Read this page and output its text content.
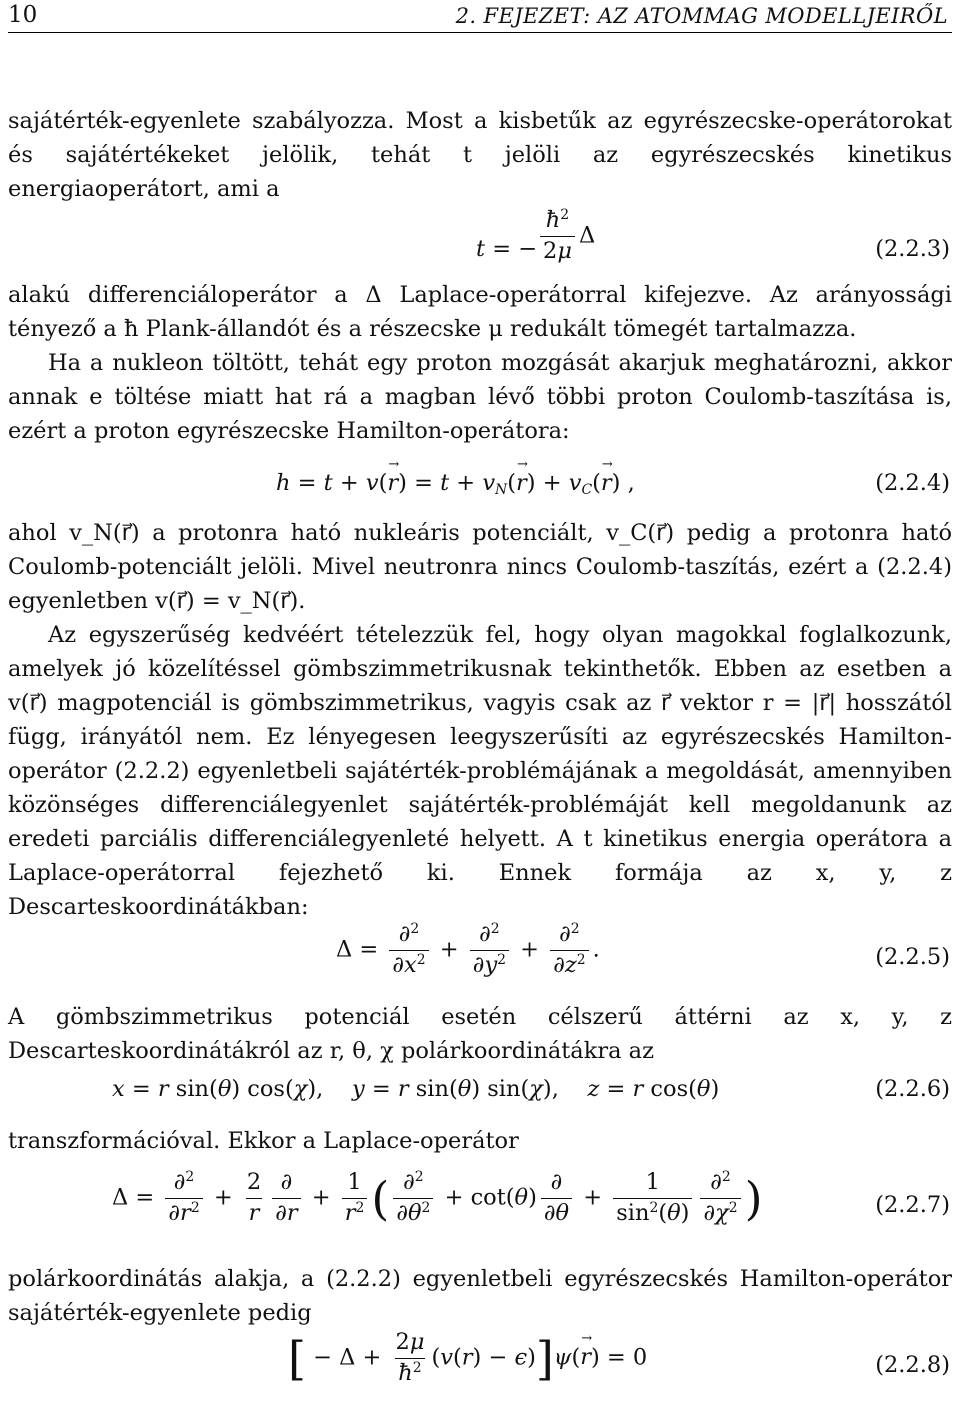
10	2. FEJEZET: AZ ATOMMAG MODELLJEIRŐL

sajátérték-egyenlete szabályozza. Most a kisbetűk az egyrészecske-operátorokat és sajátértékeket jelölik, tehát t jelöli az egyrészecskés kinetikus energiaoperátort, ami a

t = − $\frac{ħ^2}{2\mu}$ Δ
(2.2.3)

alakú differenciáloperátor a Δ Laplace-operátorral kifejezve. Az arányossági tényező a ħ Plank-állandót és a részecske μ redukált tömegét tartalmazza.

Ha a nukleon töltött, tehát egy proton mozgását akarjuk meghatározni, akkor annak e töltése miatt hat rá a magban lévő többi proton Coulomb-taszítása is, ezért a proton egyrészecske Hamilton-operátora:

h = t + v(r →) = $t + v_N(r$ →) + $v_C(r$ →) ,	(2.2.4)

ahol v_N(r⃗) a protonra ható nukleáris potenciált, v_C(r⃗) pedig a protonra ható Coulomb-potenciált jelöli. Mivel neutronra nincs Coulomb-taszítás, ezért a (2.2.4) egyenletben v(r⃗) = v_N(r⃗).

Az egyszerűség kedvéért tételezzük fel, hogy olyan magokkal foglalkozunk, amelyek jó közelítéssel gömbszimmetrikusnak tekinthetők. Ebben az esetben a v(r⃗) magpotenciál is gömbszimmetrikus, vagyis csak az r⃗ vektor r = |r⃗| hosszától függ, irányától nem. Ez lényegesen leegyszerűsíti az egyrészecskés Hamilton-operátor (2.2.2) egyenletbeli sajátérték-problémájának a megoldását, amennyiben közönséges differenciálegyenlet sajátérték-problémáját kell megoldanunk az eredeti parciális differenciálegyenleté helyett. A t kinetikus energia operátora a Laplace-operátorral fejezhető ki. Ennek formája az x, y, z Descarteskoordinátákban:

$\Delta = \frac{\partial^2}{\partial x^2} + \frac{\partial^2}{\partial y^2} + \frac{\partial^2}{\partial z^2}$ .	(2.2.5)

A gömbszimmetrikus potenciál esetén célszerű áttérni az x, y, z Descarteskoordinátákról az r, θ, χ polárkoordinátákra az

x = r sin(θ) cos(χ),    y = r sin(θ) sin(χ),    z = r cos(θ)	(2.2.6)

transzformációval. Ekkor a Laplace-operátor

$\Delta = \frac{\partial^2}{\partial r^2} + \frac{2}{r} \frac{\partial}{\partial r} + \frac{1}{r^2}$ ( $\frac{\partial^2}{\partial\theta^2} + \cot(\theta) \frac{\partial}{\partial\theta} + \frac{1}{\sin^2(\theta)} \frac{\partial^2}{\partial\chi^2}$ )	(2.2.7)

polárkoordinátás alakja, a (2.2.2) egyenletbeli egyrészecskés Hamilton-operátor sajátérték-egyenlete pedig

[ − $\Delta + \frac{2\mu}{ħ^2} (v(r) - \epsilon)]\psi(r$ →) = 0	(2.2.8)
